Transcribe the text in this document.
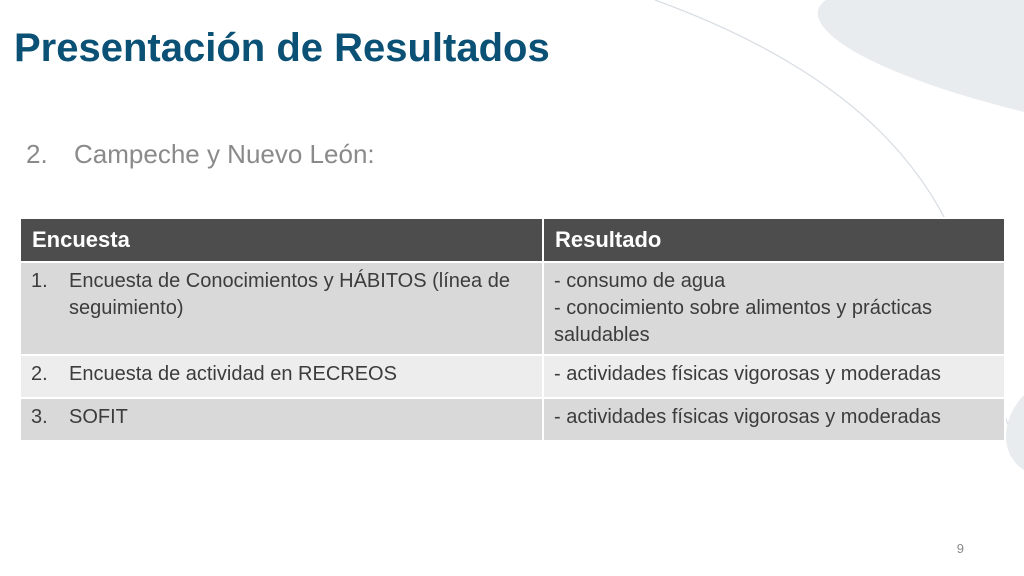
Presentación de Resultados
2. Campeche y Nuevo León:
Encuesta	Resultado

1. Encuesta de Conocimientos y HÁBITOS (línea de seguimiento)	- consumo de agua
- conocimiento sobre alimentos y prácticas saludables

2. Encuesta de actividad en RECREOS	- actividades físicas vigorosas y moderadas

3. SOFIT	- actividades físicas vigorosas y moderadas
9
